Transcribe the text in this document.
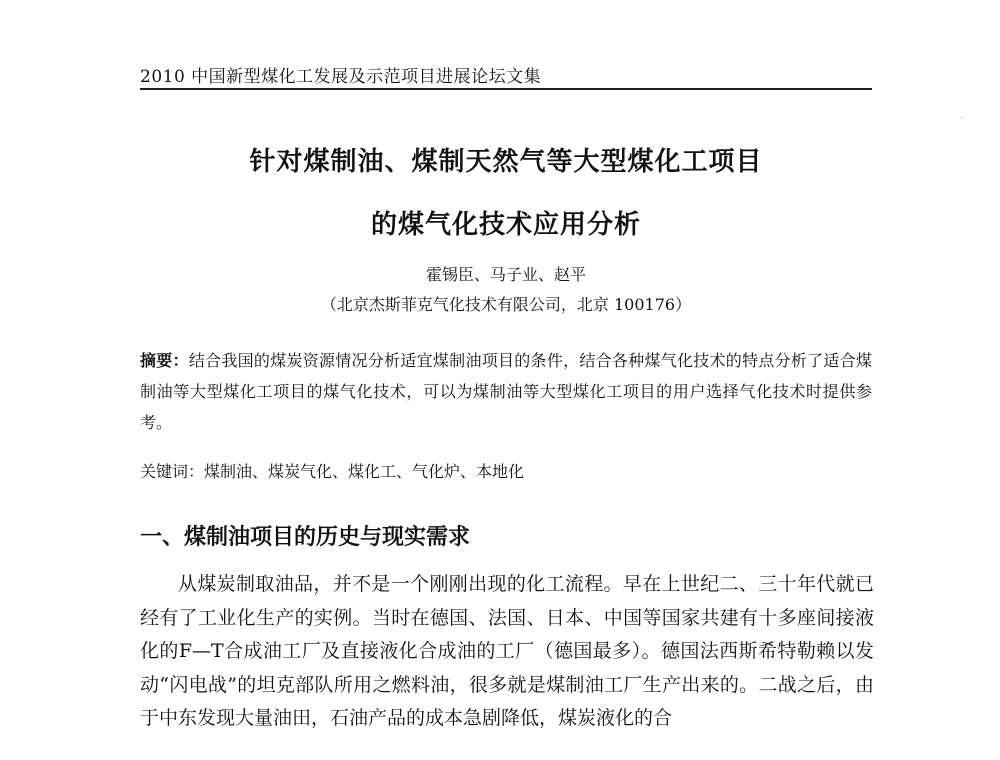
2010 中国新型煤化工发展及示范项目进展论坛文集
针对煤制油、煤制天然气等大型煤化工项目
的煤气化技术应用分析
霍锡臣、马子业、赵平
（北京杰斯菲克气化技术有限公司，北京 100176）
摘要：结合我国的煤炭资源情况分析适宜煤制油项目的条件，结合各种煤气化技术的特点分析了适合煤制油等大型煤化工项目的煤气化技术，可以为煤制油等大型煤化工项目的用户选择气化技术时提供参考。
关键词：煤制油、煤炭气化、煤化工、气化炉、本地化
一、煤制油项目的历史与现实需求
从煤炭制取油品，并不是一个刚刚出现的化工流程。早在上世纪二、三十年代就已经有了工业化生产的实例。当时在德国、法国、日本、中国等国家共建有十多座间接液化的F—T合成油工厂及直接液化合成油的工厂（德国最多）。德国法西斯希特勒赖以发动“闪电战”的坦克部队所用之燃料油，很多就是煤制油工厂生产出来的。二战之后，由于中东发现大量油田，石油产品的成本急剧降低，煤炭液化的合
·
